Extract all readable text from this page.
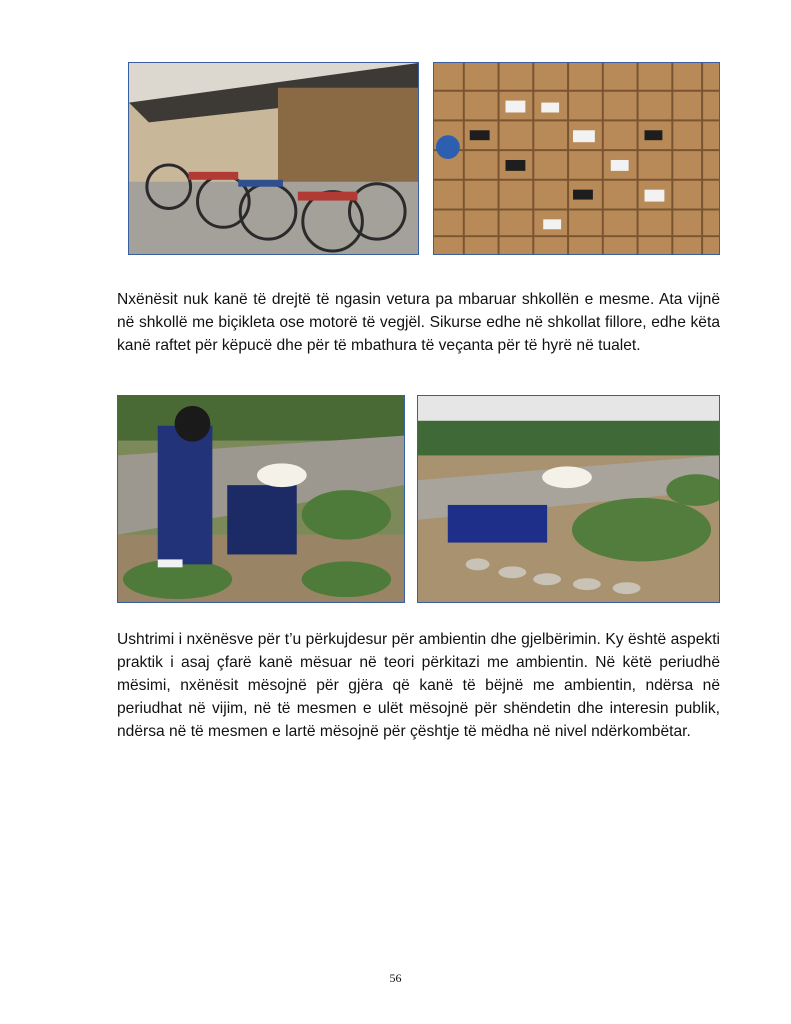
Nxënësit nuk kanë të drejtë të ngasin vetura pa mbaruar shkollën e mesme. Ata vijnë në shkollë me biçikleta ose motorë të vegjël. Sikurse edhe në shkollat fillore, edhe këta kanë raftet për këpucë dhe për të mbathura të veçanta për të hyrë në tualet.

Ushtrimi i nxënësve për t’u përkujdesur për ambientin dhe gjelbërimin. Ky është aspekti praktik i asaj çfarë kanë mësuar në teori përkitazi me ambientin. Në këtë periudhë mësimi, nxënësit mësojnë për gjëra që kanë të bëjnë me ambientin, ndërsa në periudhat në vijim, në të mesmen e ulët mësojnë për shëndetin dhe interesin publik, ndërsa në të mesmen e lartë mësojnë për çështje të mëdha në nivel ndërkombëtar.

56
